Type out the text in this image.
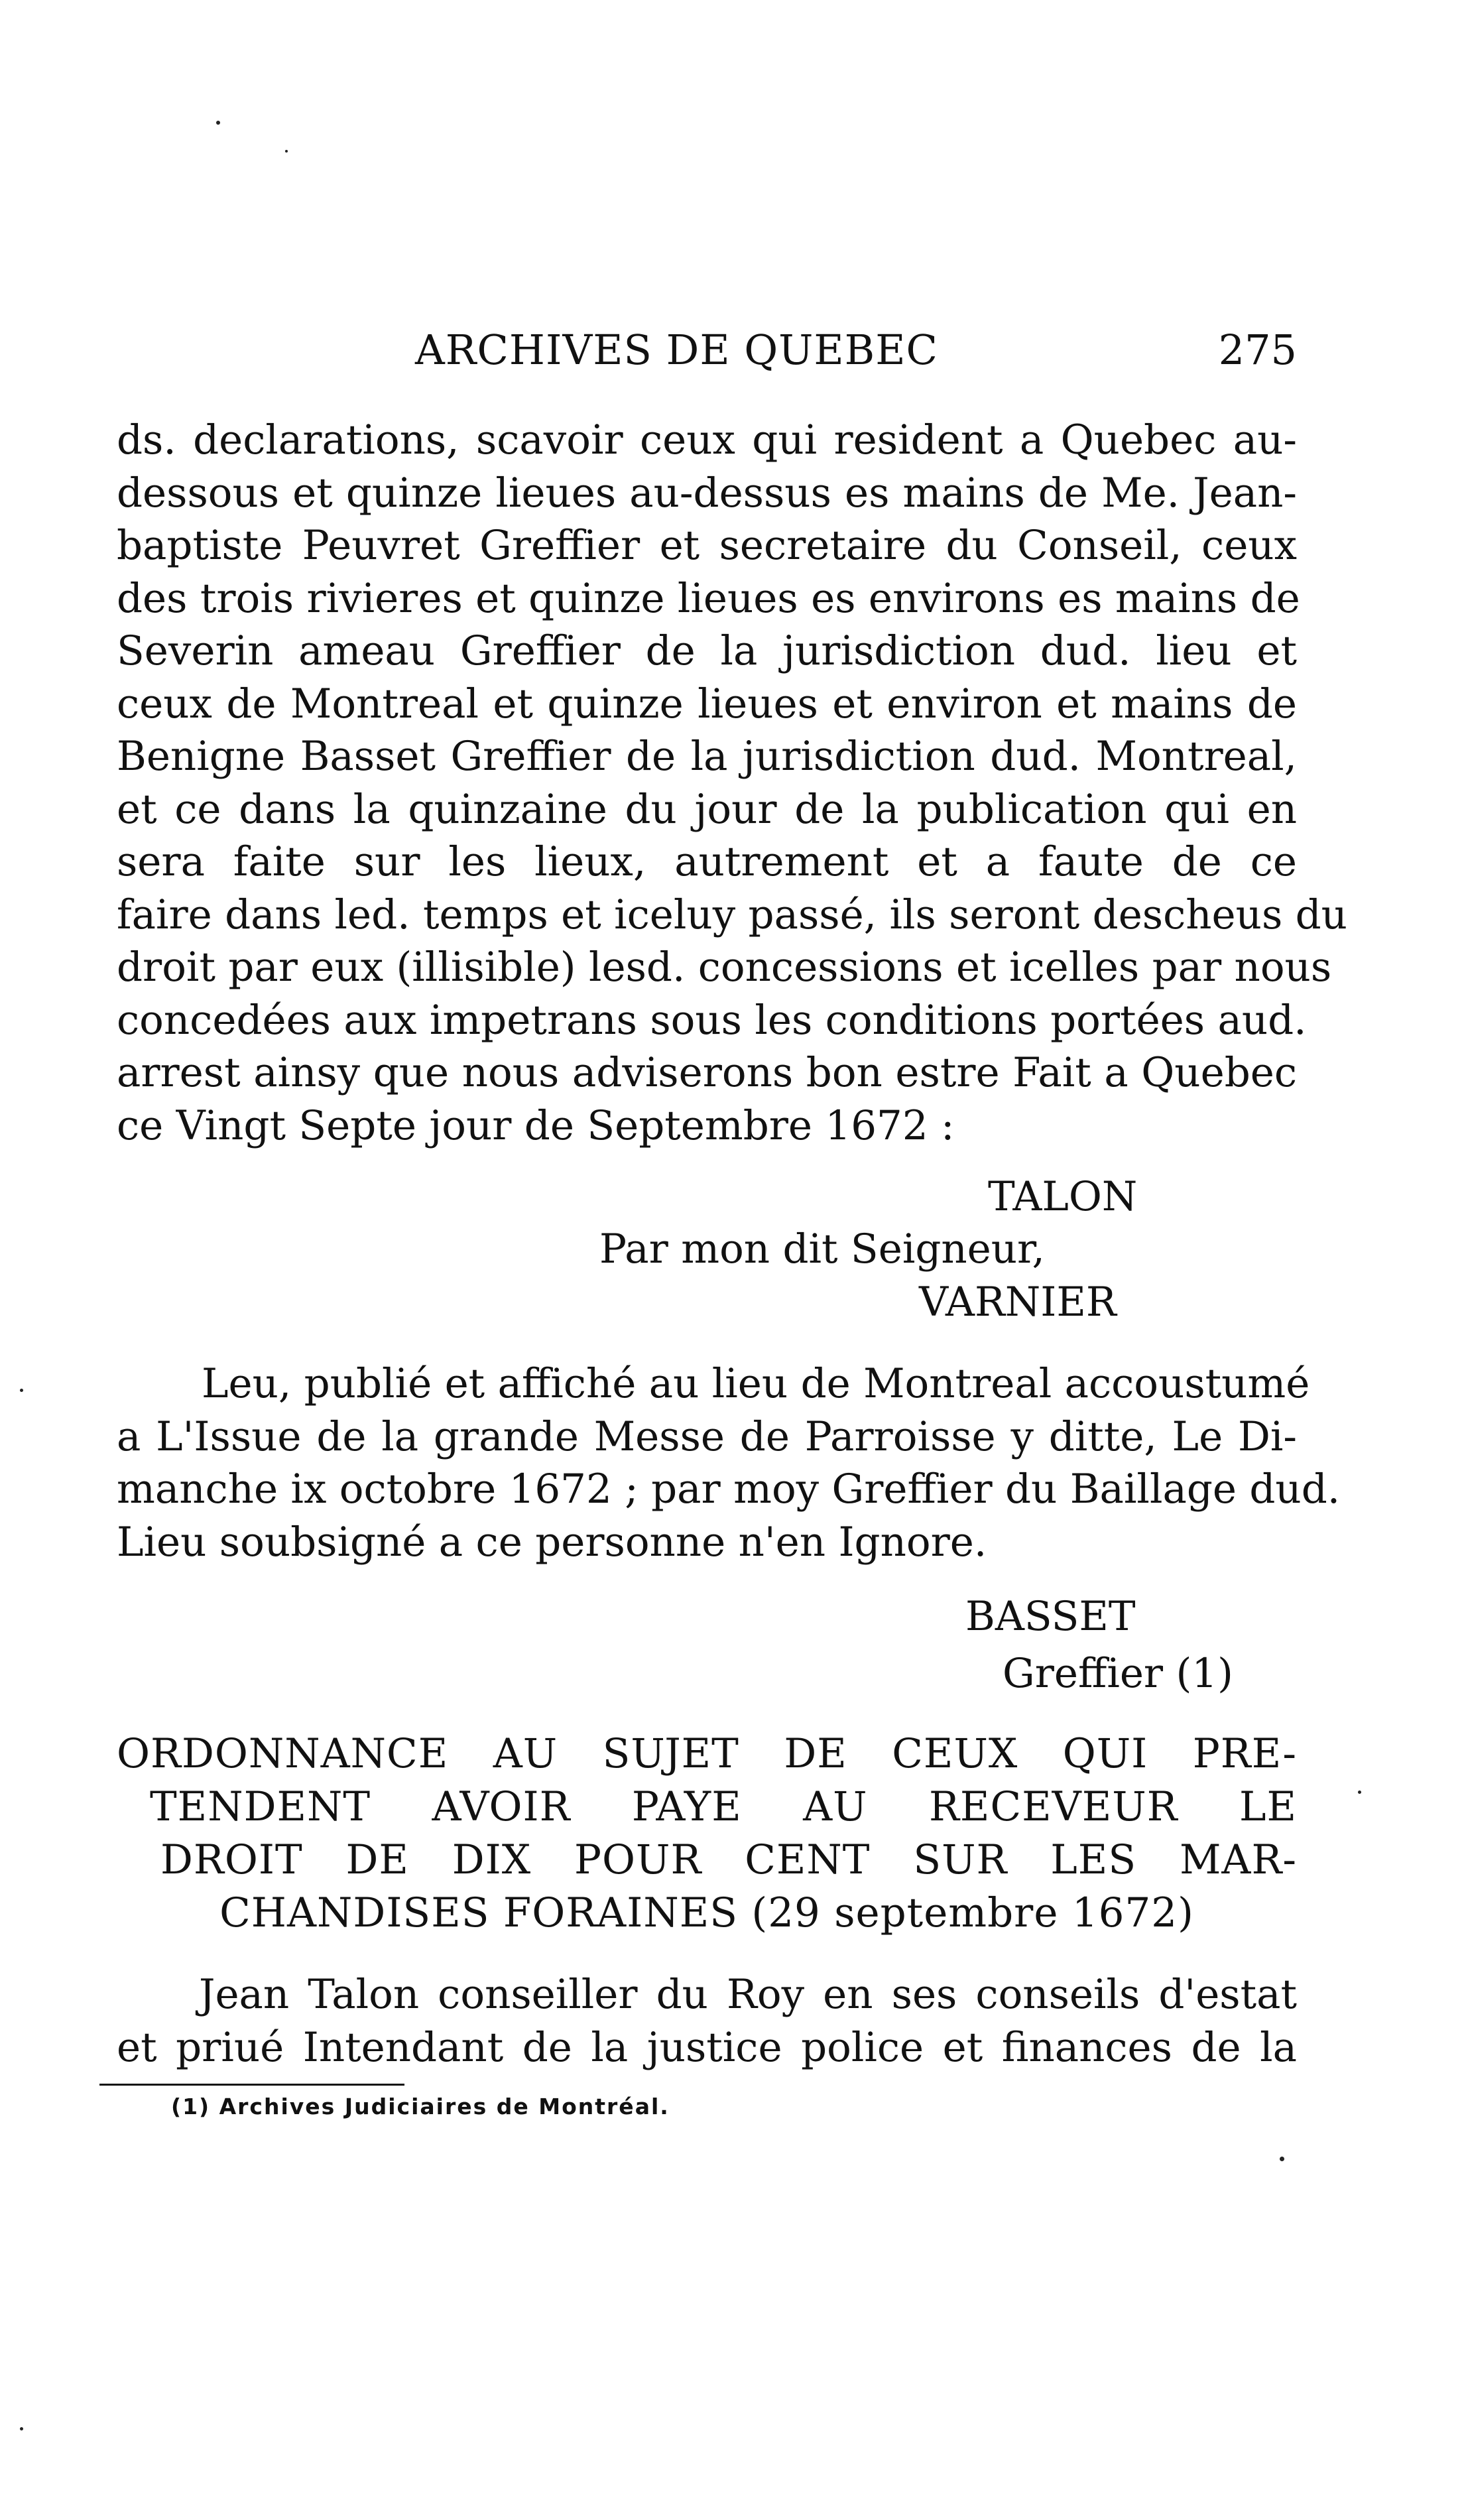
ARCHIVES DE QUEBEC	275
ds. declarations, scavoir ceux qui resident a Quebec au-
dessous et quinze lieues au-dessus es mains de Me. Jean-
baptiste Peuvret Greffier et secretaire du Conseil, ceux
des trois rivieres et quinze lieues es environs es mains de
Severin ameau Greffier de la jurisdiction dud. lieu et
ceux de Montreal et quinze lieues et environ et mains de
Benigne Basset Greffier de la jurisdiction dud. Montreal,
et ce dans la quinzaine du jour de la publication qui en
sera faite sur les lieux, autrement et a faute de ce
faire dans led. temps et iceluy passé, ils seront descheus du
droit par eux (illisible) lesd. concessions et icelles par nous
concedées aux impetrans sous les conditions portées aud.
arrest ainsy que nous adviserons bon estre Fait a Quebec
ce Vingt Septe jour de Septembre 1672 :
TALON
Par mon dit Seigneur,
VARNIER
Leu, publié et affiché au lieu de Montreal accoustumé
a L'Issue de la grande Messe de Parroisse y ditte, Le Di-
manche ix octobre 1672 ; par moy Greffier du Baillage dud.
Lieu soubsigné a ce personne n'en Ignore.
BASSET
Greffier (1)
ORDONNANCE AU SUJET DE CEUX QUI PRE-
TENDENT AVOIR PAYE AU RECEVEUR LE
DROIT DE DIX POUR CENT SUR LES MAR-
CHANDISES FORAINES (29 septembre 1672)
Jean Talon conseiller du Roy en ses conseils d'estat
et priué Intendant de la justice police et finances de la
(1) Archives Judiciaires de Montréal.
